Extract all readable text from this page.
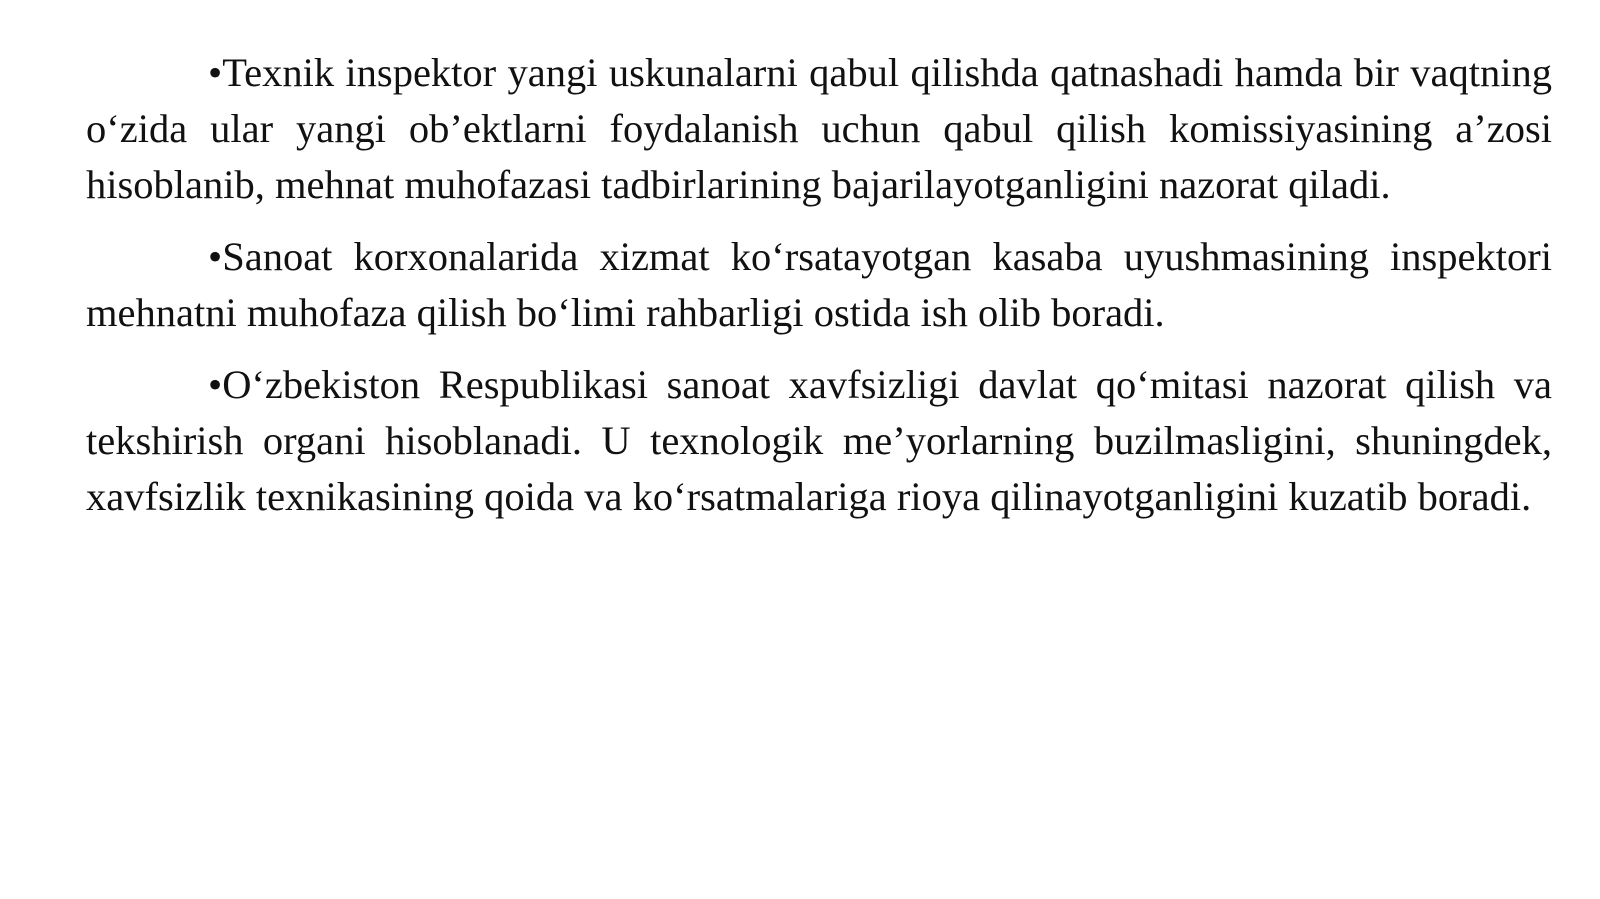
•Texnik inspektor yangi uskunalarni qabul qilishda qatnashadi hamda bir vaqtning o‘zida ular yangi ob’ektlarni foydalanish uchun qabul qilish komissiyasining a’zosi hisoblanib, mehnat muhofazasi tadbirlarining bajarilayotganligini nazorat qiladi.

•Sanoat korxonalarida xizmat ko‘rsatayotgan kasaba uyushmasining inspektori mehnatni muhofaza qilish bo‘limi rahbarligi ostida ish olib boradi.

•O‘zbekiston Respublikasi sanoat xavfsizligi davlat qo‘mitasi nazorat qilish va tekshirish organi hisoblanadi. U texnologik me’yorlarning buzilmasligini, shuningdek, xavfsizlik texnikasining qoida va ko‘rsatmalariga rioya qilinayotganligini kuzatib boradi.
